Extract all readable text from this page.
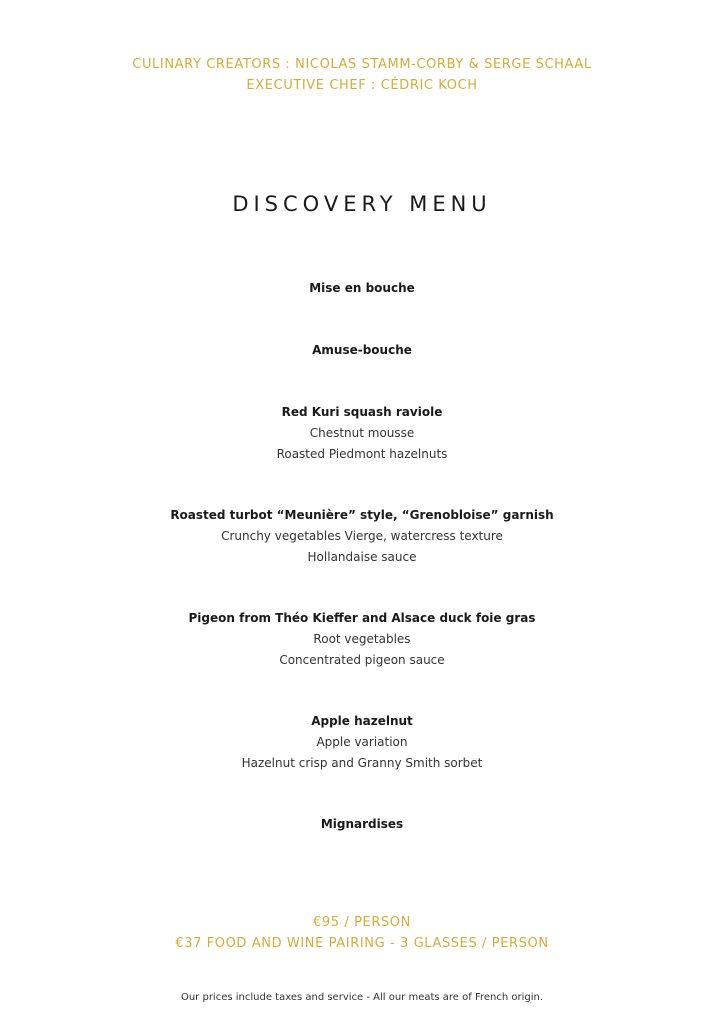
CULINARY CREATORS : NICOLAS STAMM-CORBY & SERGE SCHAAL
EXECUTIVE CHEF : CÉDRIC KOCH
DISCOVERY MENU
Mise en bouche
Amuse-bouche
Red Kuri squash raviole
Chestnut mousse
Roasted Piedmont hazelnuts
Roasted turbot “Meunière” style, “Grenobloise” garnish
Crunchy vegetables Vierge, watercress texture
Hollandaise sauce
Pigeon from Théo Kieffer and Alsace duck foie gras
Root vegetables
Concentrated pigeon sauce
Apple hazelnut
Apple variation
Hazelnut crisp and Granny Smith sorbet
Mignardises
€95 / PERSON
€37 FOOD AND WINE PAIRING - 3 GLASSES / PERSON
Our prices include taxes and service - All our meats are of French origin.
